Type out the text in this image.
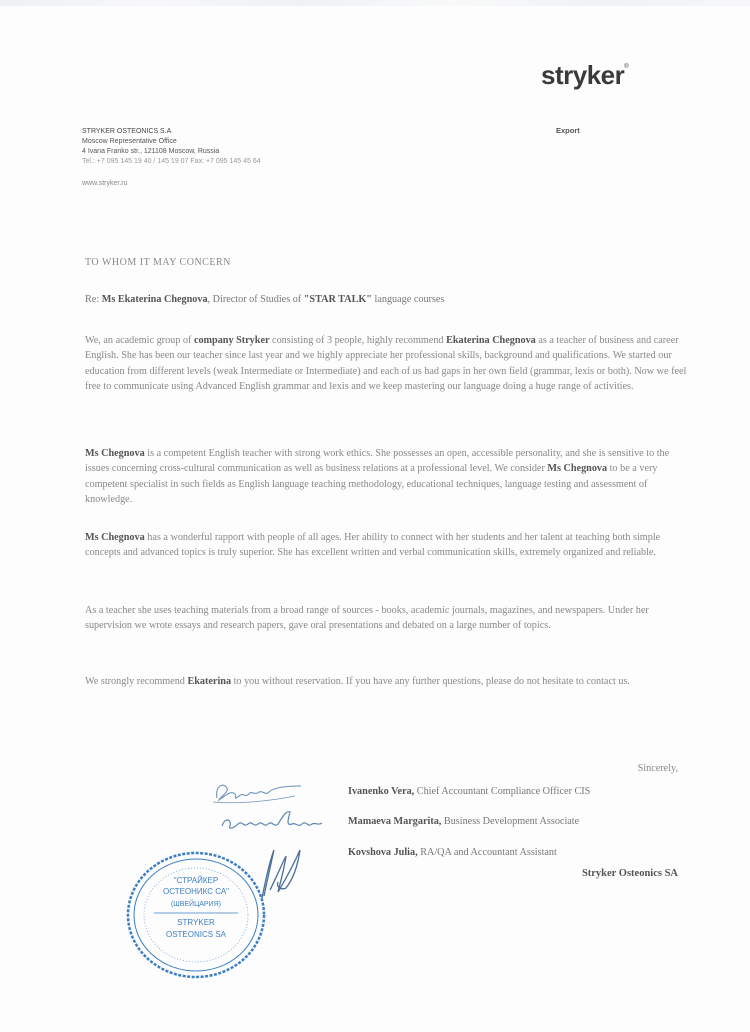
stryker®
Export
STRYKER OSTEONICS S.A
Moscow Representative Office
4 Ivana Franko str., 121108 Moscow, Russia
Tel.: +7 095 145 19 40 / 145 19 07 Fax: +7 095 145 45 64
www.stryker.ru
TO WHOM IT MAY CONCERN
Re: Ms Ekaterina Chegnova, Director of Studies of "STAR TALK" language courses
We, an academic group of company Stryker consisting of 3 people, highly recommend Ekaterina Chegnova as a teacher of business and career English. She has been our teacher since last year and we highly appreciate her professional skills, background and qualifications. We started our education from different levels (weak Intermediate or Intermediate) and each of us had gaps in her own field (grammar, lexis or both). Now we feel free to communicate using Advanced English grammar and lexis and we keep mastering our language doing a huge range of activities.
Ms Chegnova is a competent English teacher with strong work ethics. She possesses an open, accessible personality, and she is sensitive to the issues concerning cross-cultural communication as well as business relations at a professional level. We consider Ms Chegnova to be a very competent specialist in such fields as English language teaching methodology, educational techniques, language testing and assessment of knowledge.
Ms Chegnova has a wonderful rapport with people of all ages. Her ability to connect with her students and her talent at teaching both simple concepts and advanced topics is truly superior. She has excellent written and verbal communication skills, extremely organized and reliable.
As a teacher she uses teaching materials from a broad range of sources - books, academic journals, magazines, and newspapers. Under her supervision we wrote essays and research papers, gave oral presentations and debated on a large number of topics.
We strongly recommend Ekaterina to you without reservation. If you have any further questions, please do not hesitate to contact us.
Sincerely,
Ivanenko Vera, Chief Accountant Compliance Officer CIS
Mamaeva Margarita, Business Development Associate
Kovshova Julia, RA/QA and Accountant Assistant
Stryker Osteonics SA
"СТРАЙКЕР
ОСТЕОНИКС СА"
(ШВЕЙЦАРИЯ)
STRYKER
OSTEONICS SA
